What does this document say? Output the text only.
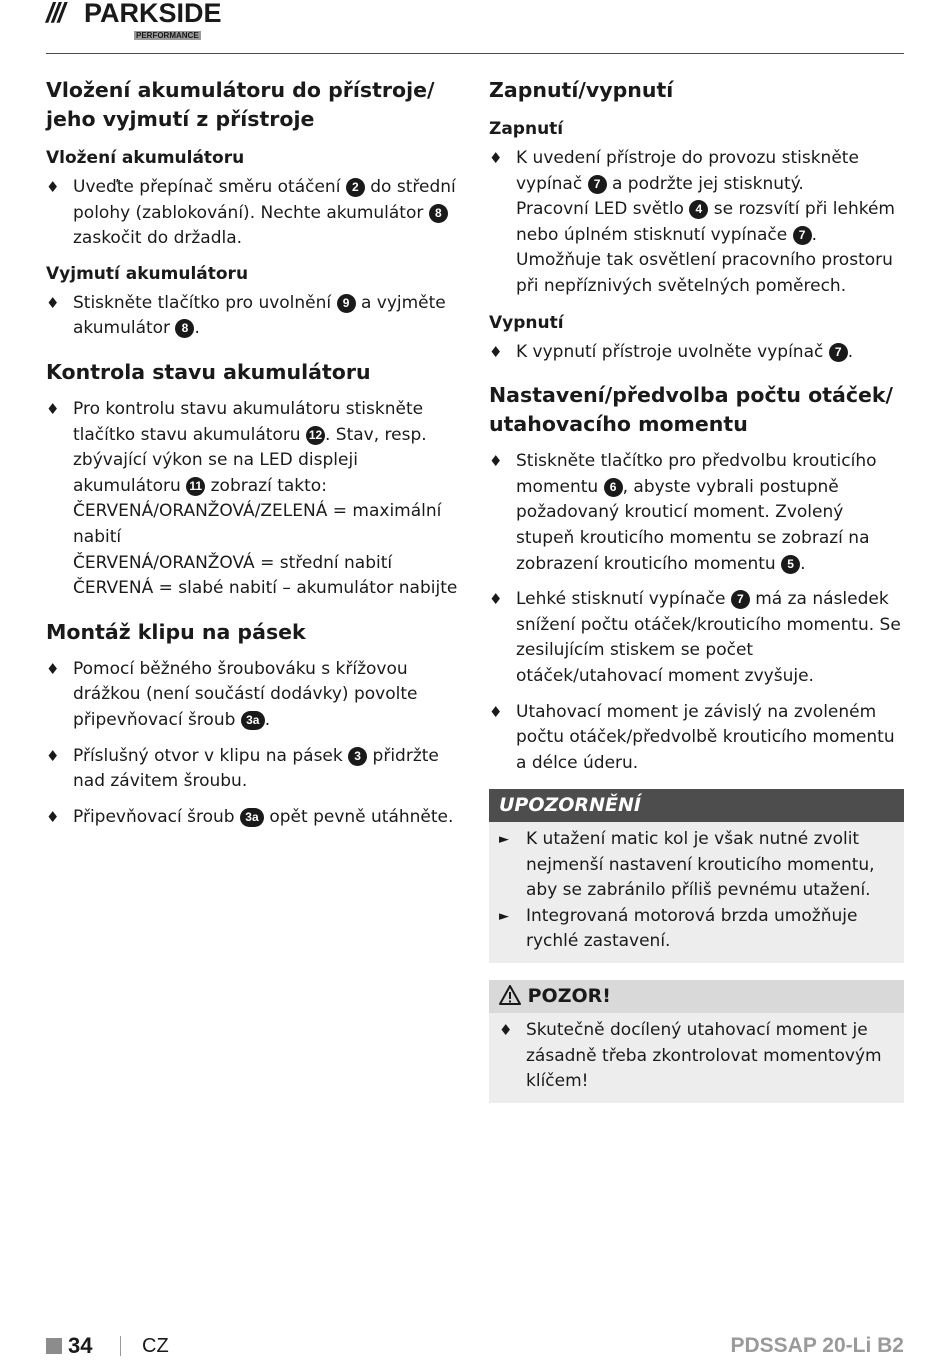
/// PARKSIDE
PERFORMANCE
Vložení akumulátoru do přístroje/ jeho vyjmutí z přístroje
Vložení akumulátoru
♦ Uveďte přepínač směru otáčení 2 do střední polohy (zablokování). Nechte akumulátor 8 zaskočit do držadla.
Vyjmutí akumulátoru
♦ Stiskněte tlačítko pro uvolnění 9 a vyjměte akumulátor 8 .
Kontrola stavu akumulátoru
♦ Pro kontrolu stavu akumulátoru stiskněte tlačítko stavu akumulátoru 12 . Stav, resp. zbývající výkon se na LED displeji akumulátoru 11 zobrazí takto:
ČERVENÁ/ORANŽOVÁ/ZELENÁ = maximální nabití
ČERVENÁ/ORANŽOVÁ = střední nabití
ČERVENÁ = slabé nabití – akumulátor nabijte
Montáž klipu na pásek
♦ Pomocí běžného šroubováku s křížovou drážkou (není součástí dodávky) povolte připevňovací šroub 3a .
♦ Příslušný otvor v klipu na pásek 3 přidržte nad závitem šroubu.
♦ Připevňovací šroub 3a opět pevně utáhněte.
Zapnutí/vypnutí
Zapnutí
♦ K uvedení přístroje do provozu stiskněte vypínač 7 a podržte jej stisknutý.
Pracovní LED světlo 4 se rozsvítí při lehkém nebo úplném stisknutí vypínače 7 .
Umožňuje tak osvětlení pracovního prostoru při nepříznivých světelných poměrech.
Vypnutí
♦ K vypnutí přístroje uvolněte vypínač 7 .
Nastavení/předvolba počtu otáček/ utahovacího momentu
♦ Stiskněte tlačítko pro předvolbu krouticího momentu 6 , abyste vybrali postupně požadovaný krouticí moment. Zvolený stupeň krouticího momentu se zobrazí na zobrazení krouticího momentu 5 .
♦ Lehké stisknutí vypínače 7 má za následek snížení počtu otáček/krouticího momentu. Se zesilujícím stiskem se počet otáček/utahovací moment zvyšuje.
♦ Utahovací moment je závislý na zvoleném počtu otáček/předvolbě krouticího momentu a délce úderu.
UPOZORNĚNÍ
► K utažení matic kol je však nutné zvolit nejmenší nastavení krouticího momentu, aby se zabránilo příliš pevnému utažení.
► Integrovaná motorová brzda umožňuje rychlé zastavení.
POZOR!
♦ Skutečně docílený utahovací moment je zásadně třeba zkontrolovat momentovým klíčem!
34 CZ	PDSSAP 20-Li B2
